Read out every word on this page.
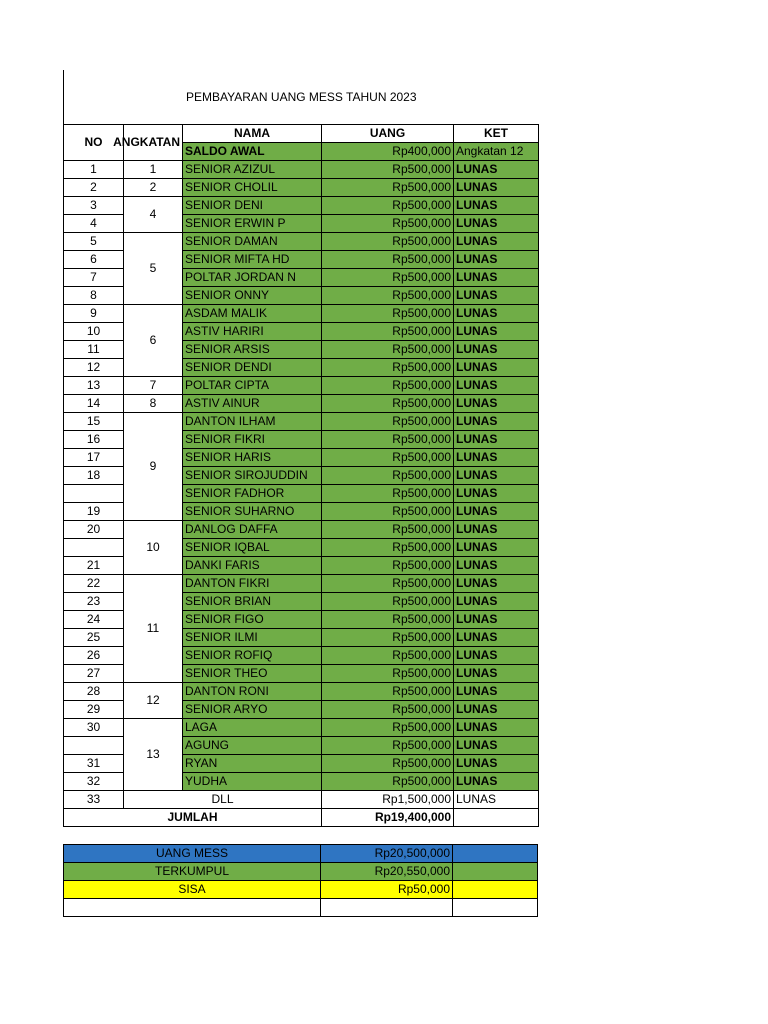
PEMBAYARAN UANG MESS TAHUN 2023
NO	ANGKATAN	NAMA	UANG	KET
		SALDO AWAL	Rp400,000	Angkatan 12
1	1	SENIOR AZIZUL	Rp500,000	LUNAS
2	2	SENIOR CHOLIL	Rp500,000	LUNAS
3	4	SENIOR DENI	Rp500,000	LUNAS
4		SENIOR ERWIN P	Rp500,000	LUNAS
5	5	SENIOR DAMAN	Rp500,000	LUNAS
6		SENIOR MIFTA HD	Rp500,000	LUNAS
7		POLTAR JORDAN N	Rp500,000	LUNAS
8		SENIOR ONNY	Rp500,000	LUNAS
9	6	ASDAM MALIK	Rp500,000	LUNAS
10		ASTIV HARIRI	Rp500,000	LUNAS
11		SENIOR ARSIS	Rp500,000	LUNAS
12		SENIOR DENDI	Rp500,000	LUNAS
13	7	POLTAR CIPTA	Rp500,000	LUNAS
14	8	ASTIV AINUR	Rp500,000	LUNAS
15	9	DANTON ILHAM	Rp500,000	LUNAS
16		SENIOR FIKRI	Rp500,000	LUNAS
17		SENIOR HARIS	Rp500,000	LUNAS
18		SENIOR SIROJUDDIN	Rp500,000	LUNAS
		SENIOR FADHOR	Rp500,000	LUNAS
19		SENIOR SUHARNO	Rp500,000	LUNAS
20	10	DANLOG DAFFA	Rp500,000	LUNAS
		SENIOR IQBAL	Rp500,000	LUNAS
21		DANKI FARIS	Rp500,000	LUNAS
22	11	DANTON FIKRI	Rp500,000	LUNAS
23		SENIOR BRIAN	Rp500,000	LUNAS
24		SENIOR FIGO	Rp500,000	LUNAS
25		SENIOR ILMI	Rp500,000	LUNAS
26		SENIOR ROFIQ	Rp500,000	LUNAS
27		SENIOR THEO	Rp500,000	LUNAS
28	12	DANTON RONI	Rp500,000	LUNAS
29		SENIOR ARYO	Rp500,000	LUNAS
30	13	LAGA	Rp500,000	LUNAS
		AGUNG	Rp500,000	LUNAS
31		RYAN	Rp500,000	LUNAS
32		YUDHA	Rp500,000	LUNAS
33	DLL		Rp1,500,000	LUNAS
JUMLAH			Rp19,400,000	
UANG MESS	Rp20,500,000	
TERKUMPUL	Rp20,550,000	
SISA	Rp50,000	
